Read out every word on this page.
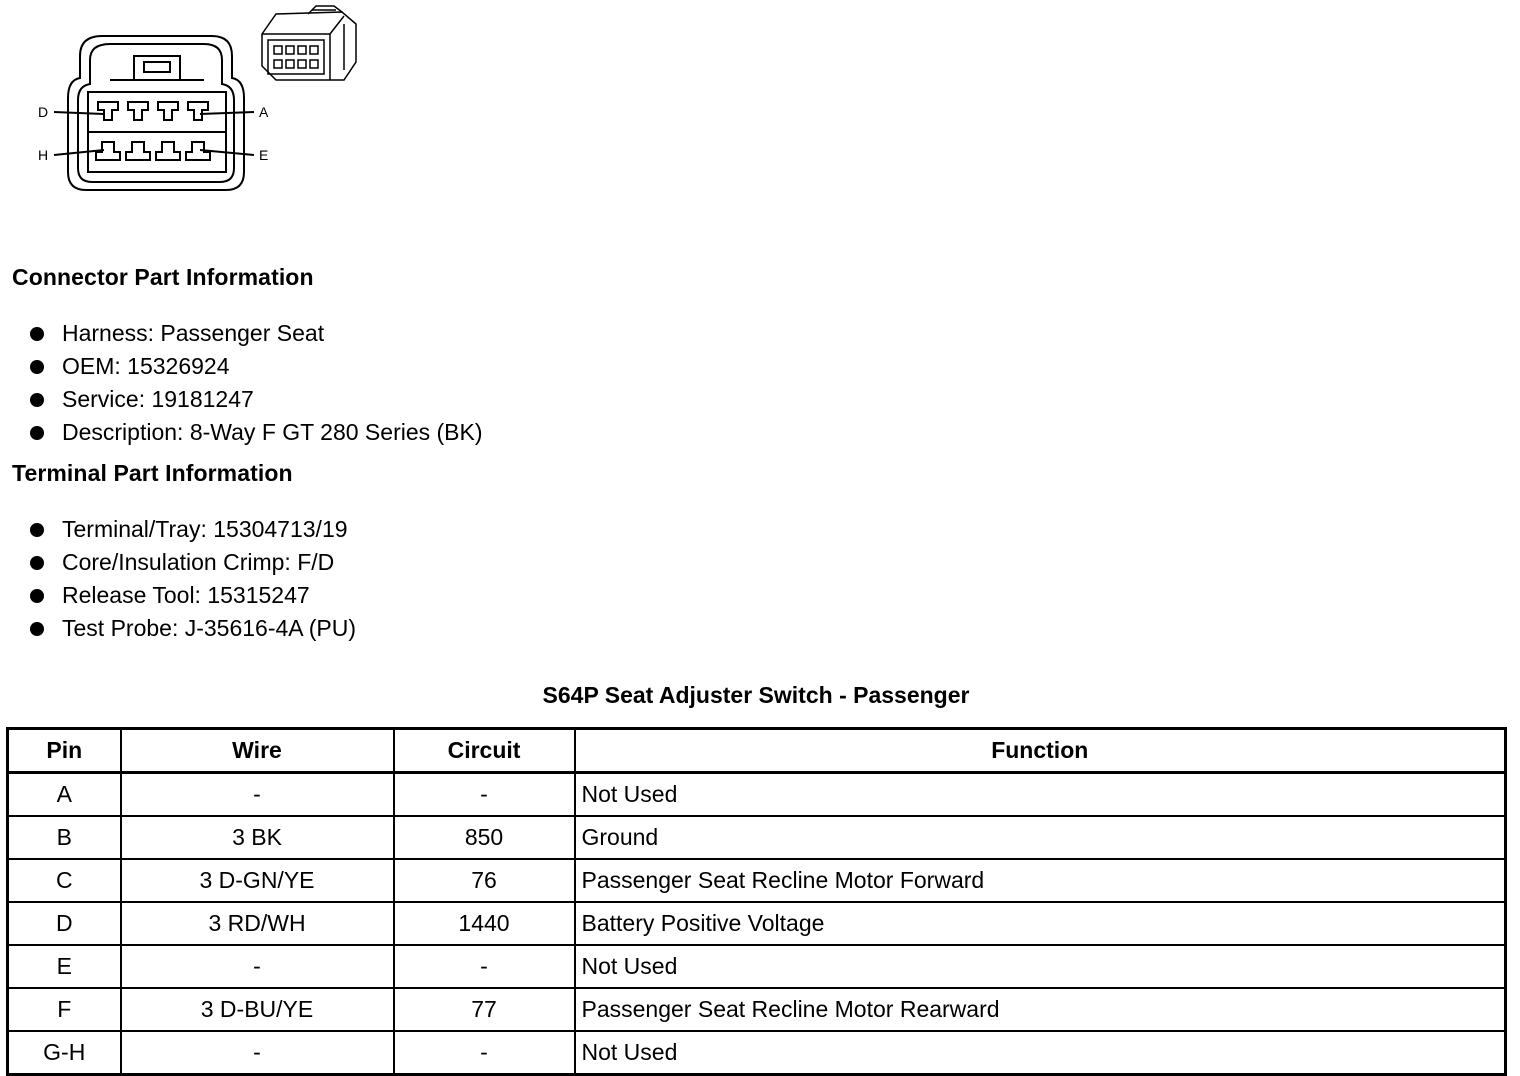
D	A
H	E
Connector Part Information
Harness: Passenger Seat
OEM: 15326924
Service: 19181247
Description: 8-Way F GT 280 Series (BK)
Terminal Part Information
Terminal/Tray: 15304713/19
Core/Insulation Crimp: F/D
Release Tool: 15315247
Test Probe: J-35616-4A (PU)
S64P Seat Adjuster Switch - Passenger
Pin	Wire	Circuit	Function
A	-	-	Not Used
B	3 BK	850	Ground
C	3 D-GN/YE	76	Passenger Seat Recline Motor Forward
D	3 RD/WH	1440	Battery Positive Voltage
E	-	-	Not Used
F	3 D-BU/YE	77	Passenger Seat Recline Motor Rearward
G-H	-	-	Not Used
